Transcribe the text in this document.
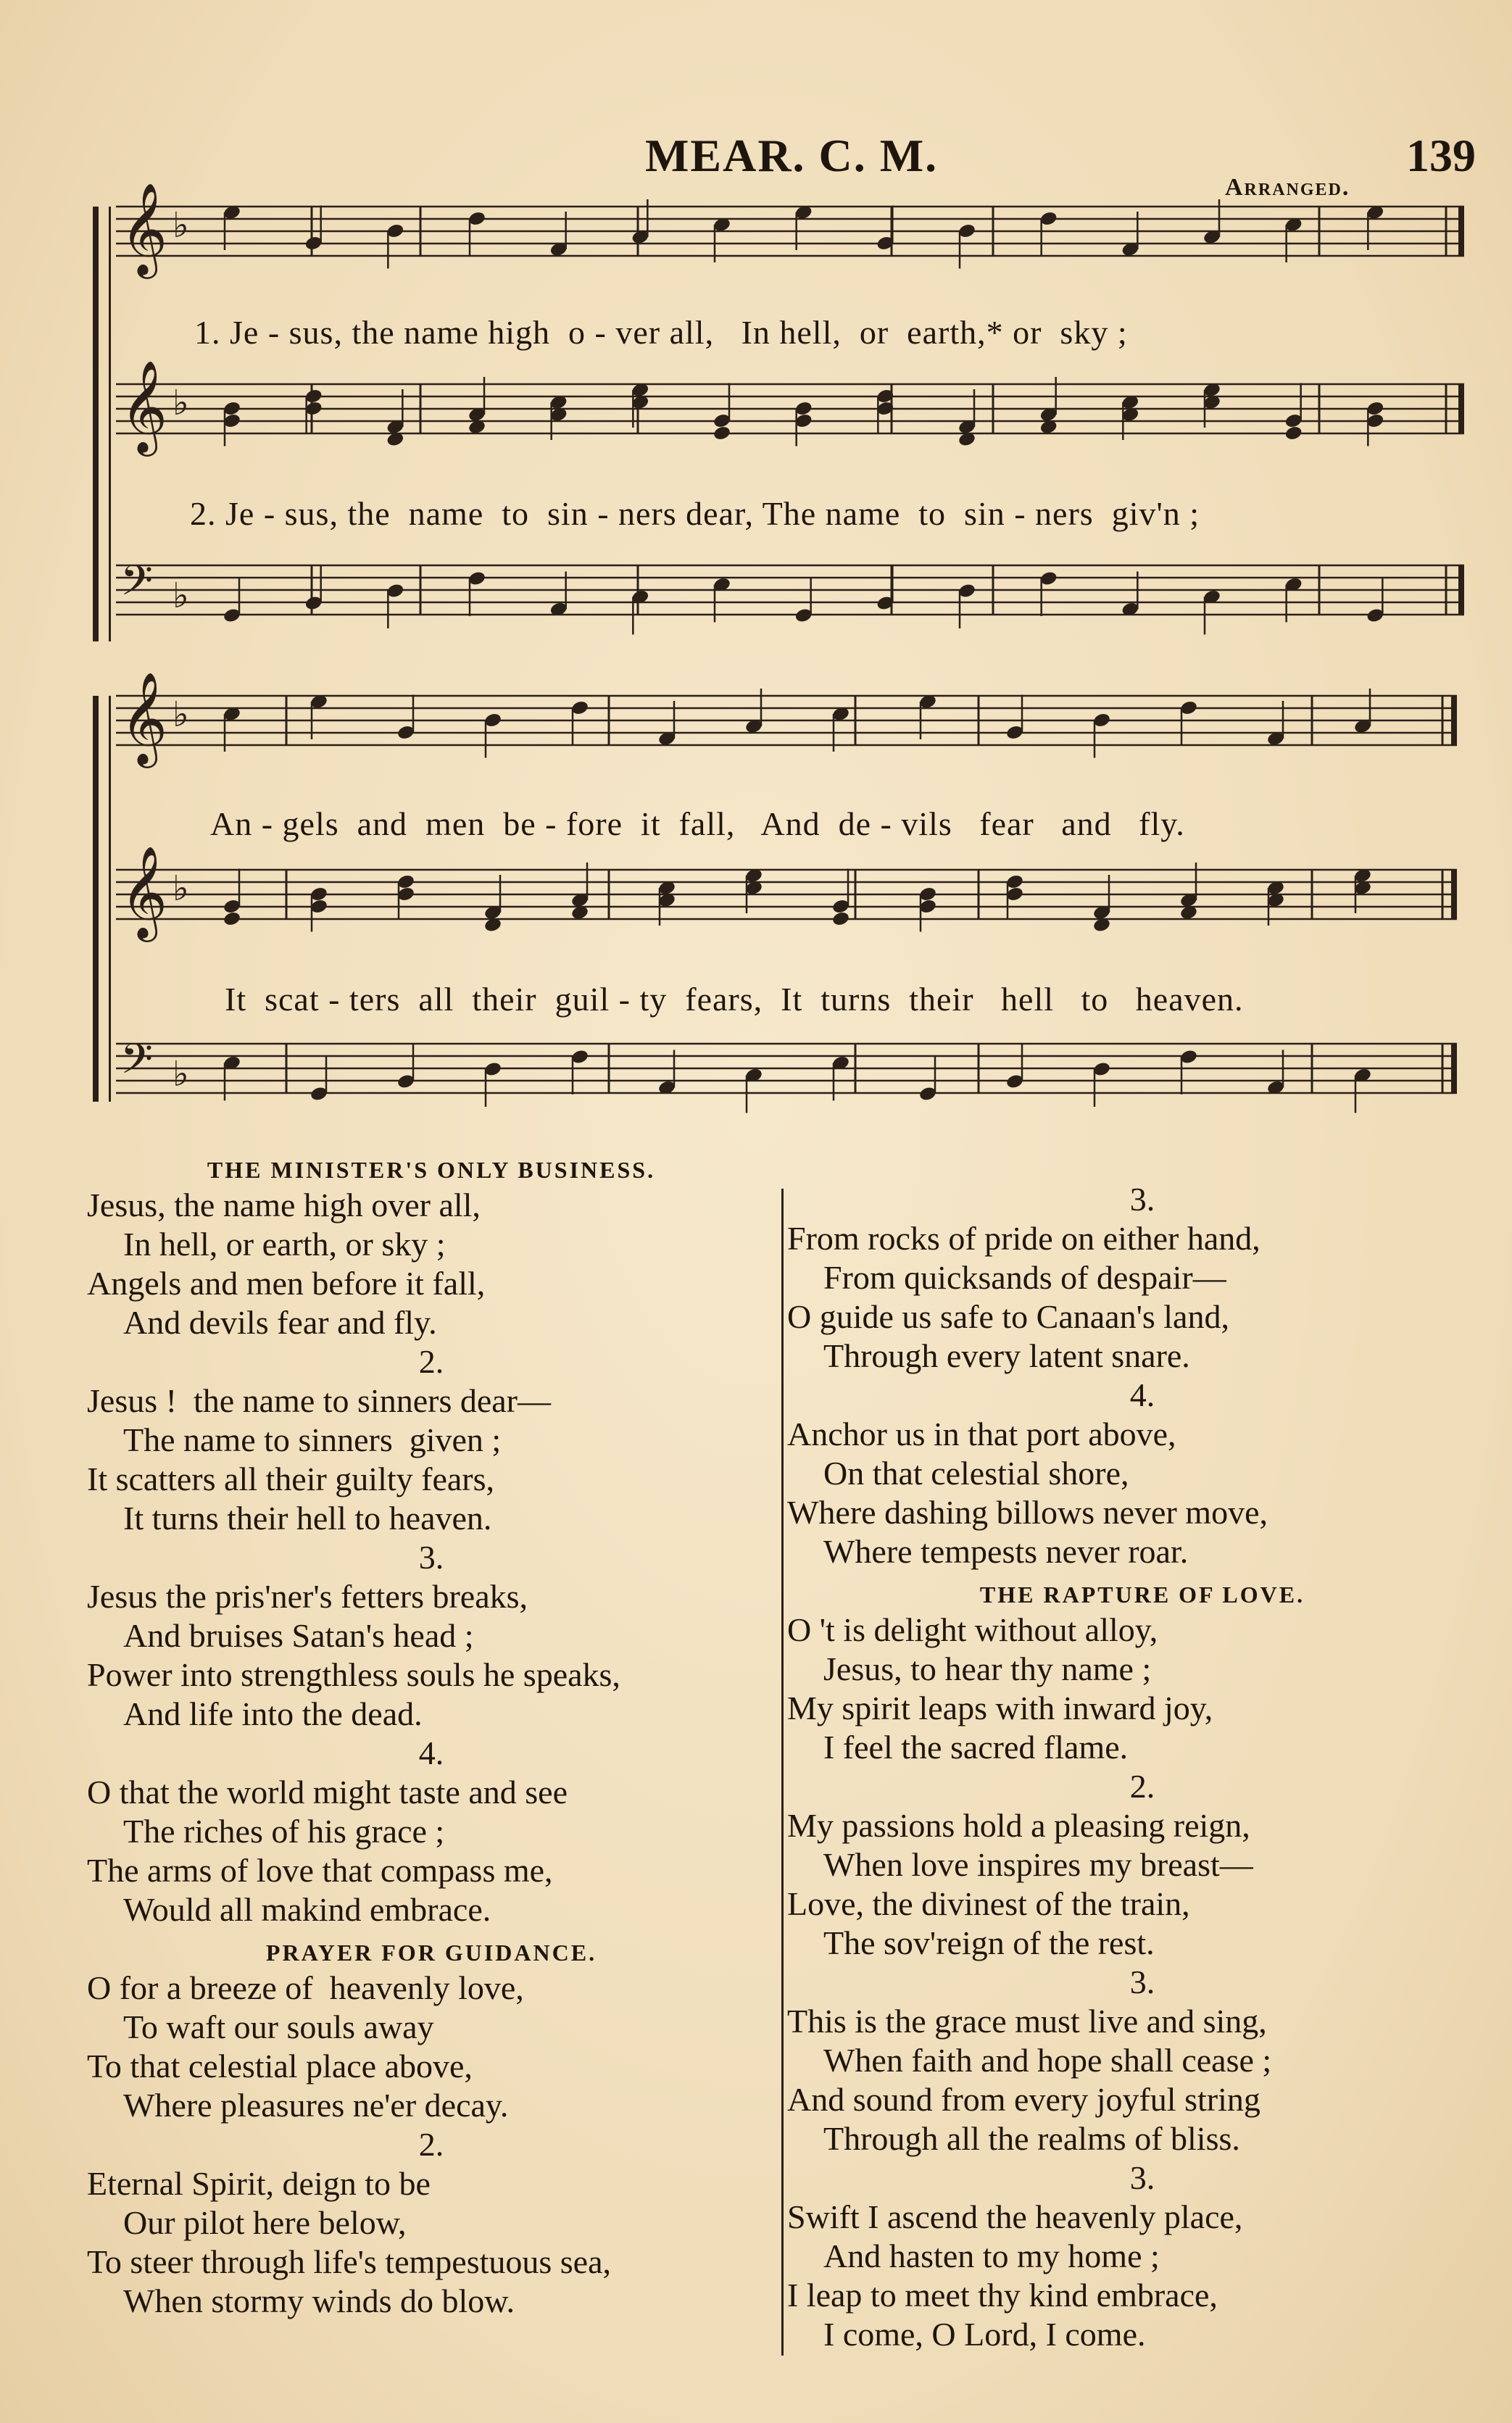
MEAR. C. M.	139
Arranged.
𝄞 ♭
𝄞 ♭
𝄢 ♭
𝄞 ♭
𝄞 ♭
𝄢 ♭
1. Je - sus, the name high  o - ver all,   In hell,  or  earth,* or  sky ;
2. Je - sus, the  name  to  sin - ners dear, The name  to  sin - ners  giv'n ;
An - gels  and  men  be - fore  it  fall,   And  de - vils   fear   and   fly.
It  scat - ters  all  their  guil - ty  fears,  It  turns  their   hell   to   heaven.
THE MINISTER'S ONLY BUSINESS.
Jesus, the name high over all,
In hell, or earth, or sky ;
Angels and men before it fall,
And devils fear and fly.
2.
Jesus !  the name to sinners dear—
The name to sinners  given ;
It scatters all their guilty fears,
It turns their hell to heaven.
3.
Jesus the pris'ner's fetters breaks,
And bruises Satan's head ;
Power into strengthless souls he speaks,
And life into the dead.
4.
O that the world might taste and see
The riches of his grace ;
The arms of love that compass me,
Would all makind embrace.
PRAYER FOR GUIDANCE.
O for a breeze of  heavenly love,
To waft our souls away
To that celestial place above,
Where pleasures ne'er decay.
2.
Eternal Spirit, deign to be
Our pilot here below,
To steer through life's tempestuous sea,
When stormy winds do blow.
3.
From rocks of pride on either hand,
From quicksands of despair—
O guide us safe to Canaan's land,
Through every latent snare.
4.
Anchor us in that port above,
On that celestial shore,
Where dashing billows never move,
Where tempests never roar.
THE RAPTURE OF LOVE.
O 't is delight without alloy,
Jesus, to hear thy name ;
My spirit leaps with inward joy,
I feel the sacred flame.
2.
My passions hold a pleasing reign,
When love inspires my breast—
Love, the divinest of the train,
The sov'reign of the rest.
3.
This is the grace must live and sing,
When faith and hope shall cease ;
And sound from every joyful string
Through all the realms of bliss.
3.
Swift I ascend the heavenly place,
And hasten to my home ;
I leap to meet thy kind embrace,
I come, O Lord, I come.
